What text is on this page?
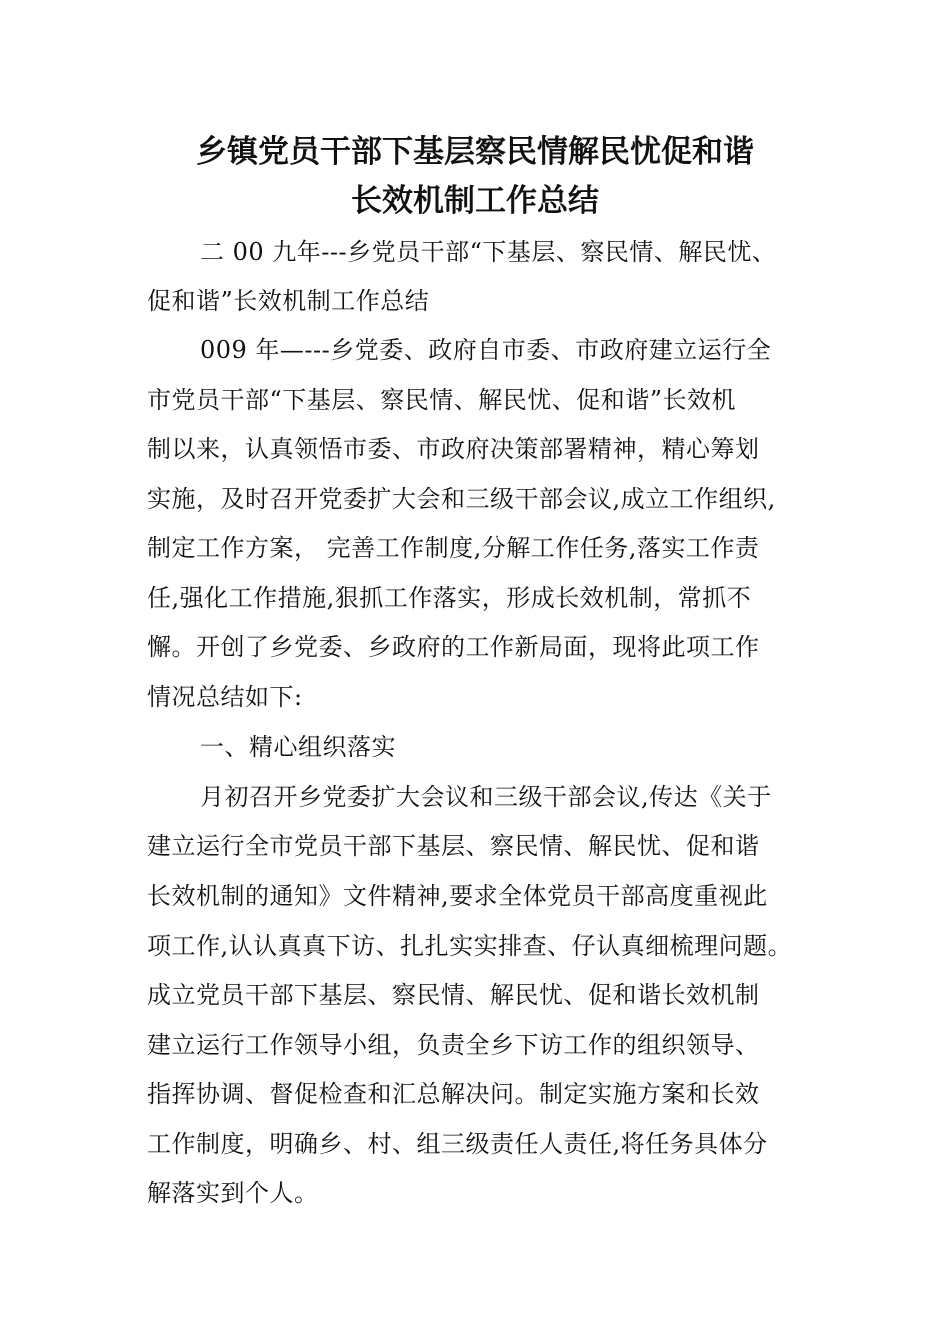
乡镇党员干部下基层察民情解民忧促和谐
长效机制工作总结
二 00 九年---乡党员干部“下基层、察民情、解民忧、
促和谐”长效机制工作总结
009 年—---乡党委、政府自市委、市政府建立运行全
市党员干部“下基层、察民情、解民忧、促和谐”长效机
制以来，认真领悟市委、市政府决策部署精神，精心筹划
实施，及时召开党委扩大会和三级干部会议,成立工作组织,
制定工作方案， 完善工作制度,分解工作任务,落实工作责
任,强化工作措施,狠抓工作落实，形成长效机制，常抓不
懈。开创了乡党委、乡政府的工作新局面，现将此项工作
情况总结如下:
一、精心组织落实
月初召开乡党委扩大会议和三级干部会议,传达《关于
建立运行全市党员干部下基层、察民情、解民忧、促和谐
长效机制的通知》文件精神,要求全体党员干部高度重视此
项工作,认认真真下访、扎扎实实排查、仔认真细梳理问题。
成立党员干部下基层、察民情、解民忧、促和谐长效机制
建立运行工作领导小组，负责全乡下访工作的组织领导、
指挥协调、督促检查和汇总解决问。制定实施方案和长效
工作制度，明确乡、村、组三级责任人责任,将任务具体分
解落实到个人。
